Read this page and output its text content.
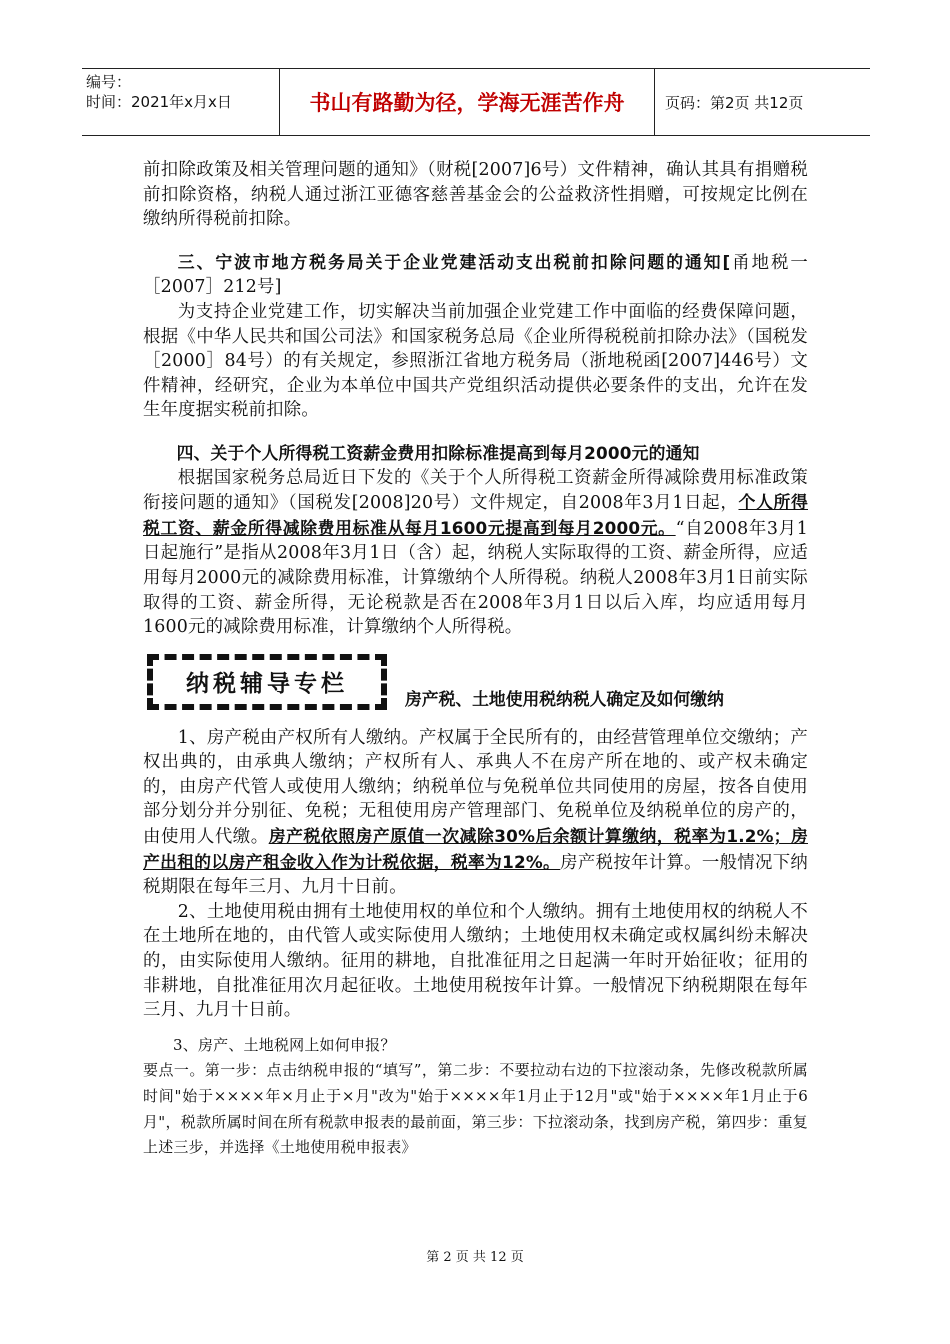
编号：
时间：2021年x月x日	书山有路勤为径，学海无涯苦作舟	页码：第2页 共12页

前扣除政策及相关管理问题的通知》（财税[2007]6号）文件精神，确认其具有捐赠税前扣除资格，纳税人通过浙江亚德客慈善基金会的公益救济性捐赠，可按规定比例在缴纳所得税前扣除。

三、宁波市地方税务局关于企业党建活动支出税前扣除问题的通知[甬地税一［2007］212号]

为支持企业党建工作，切实解决当前加强企业党建工作中面临的经费保障问题，根据《中华人民共和国公司法》和国家税务总局《企业所得税税前扣除办法》（国税发［2000］84号）的有关规定，参照浙江省地方税务局（浙地税函[2007]446号）文件精神，经研究，企业为本单位中国共产党组织活动提供必要条件的支出，允许在发生年度据实税前扣除。

四、关于个人所得税工资薪金费用扣除标准提高到每月2000元的通知

根据国家税务总局近日下发的《关于个人所得税工资薪金所得减除费用标准政策衔接问题的通知》（国税发[2008]20号）文件规定，自2008年3月1日起，个人所得税工资、薪金所得减除费用标准从每月1600元提高到每月2000元。“自2008年3月1日起施行”是指从2008年3月1日（含）起，纳税人实际取得的工资、薪金所得，应适用每月2000元的减除费用标准，计算缴纳个人所得税。纳税人2008年3月1日前实际取得的工资、薪金所得，无论税款是否在2008年3月1日以后入库，均应适用每月1600元的减除费用标准，计算缴纳个人所得税。

纳税辅导专栏
房产税、土地使用税纳税人确定及如何缴纳

1、房产税由产权所有人缴纳。产权属于全民所有的，由经营管理单位交缴纳；产权出典的，由承典人缴纳；产权所有人、承典人不在房产所在地的、或产权未确定的，由房产代管人或使用人缴纳；纳税单位与免税单位共同使用的房屋，按各自使用部分划分并分别征、免税；无租使用房产管理部门、免税单位及纳税单位的房产的，由使用人代缴。房产税依照房产原值一次减除30%后余额计算缴纳，税率为1.2%；房产出租的以房产租金收入作为计税依据，税率为12%。房产税按年计算。一般情况下纳税期限在每年三月、九月十日前。

2、土地使用税由拥有土地使用权的单位和个人缴纳。拥有土地使用权的纳税人不在土地所在地的，由代管人或实际使用人缴纳；土地使用权未确定或权属纠纷未解决的，由实际使用人缴纳。征用的耕地，自批准征用之日起满一年时开始征收；征用的非耕地，自批准征用次月起征收。土地使用税按年计算。一般情况下纳税期限在每年三月、九月十日前。

3、房产、土地税网上如何申报？

要点一。第一步：点击纳税申报的“填写”，第二步：不要拉动右边的下拉滚动条，先修改税款所属时间"始于××××年×月止于×月"改为"始于××××年1月止于12月"或"始于××××年1月止于6月"，税款所属时间在所有税款申报表的最前面，第三步：下拉滚动条，找到房产税，第四步：重复上述三步，并选择《土地使用税申报表》

第 2 页 共 12 页
